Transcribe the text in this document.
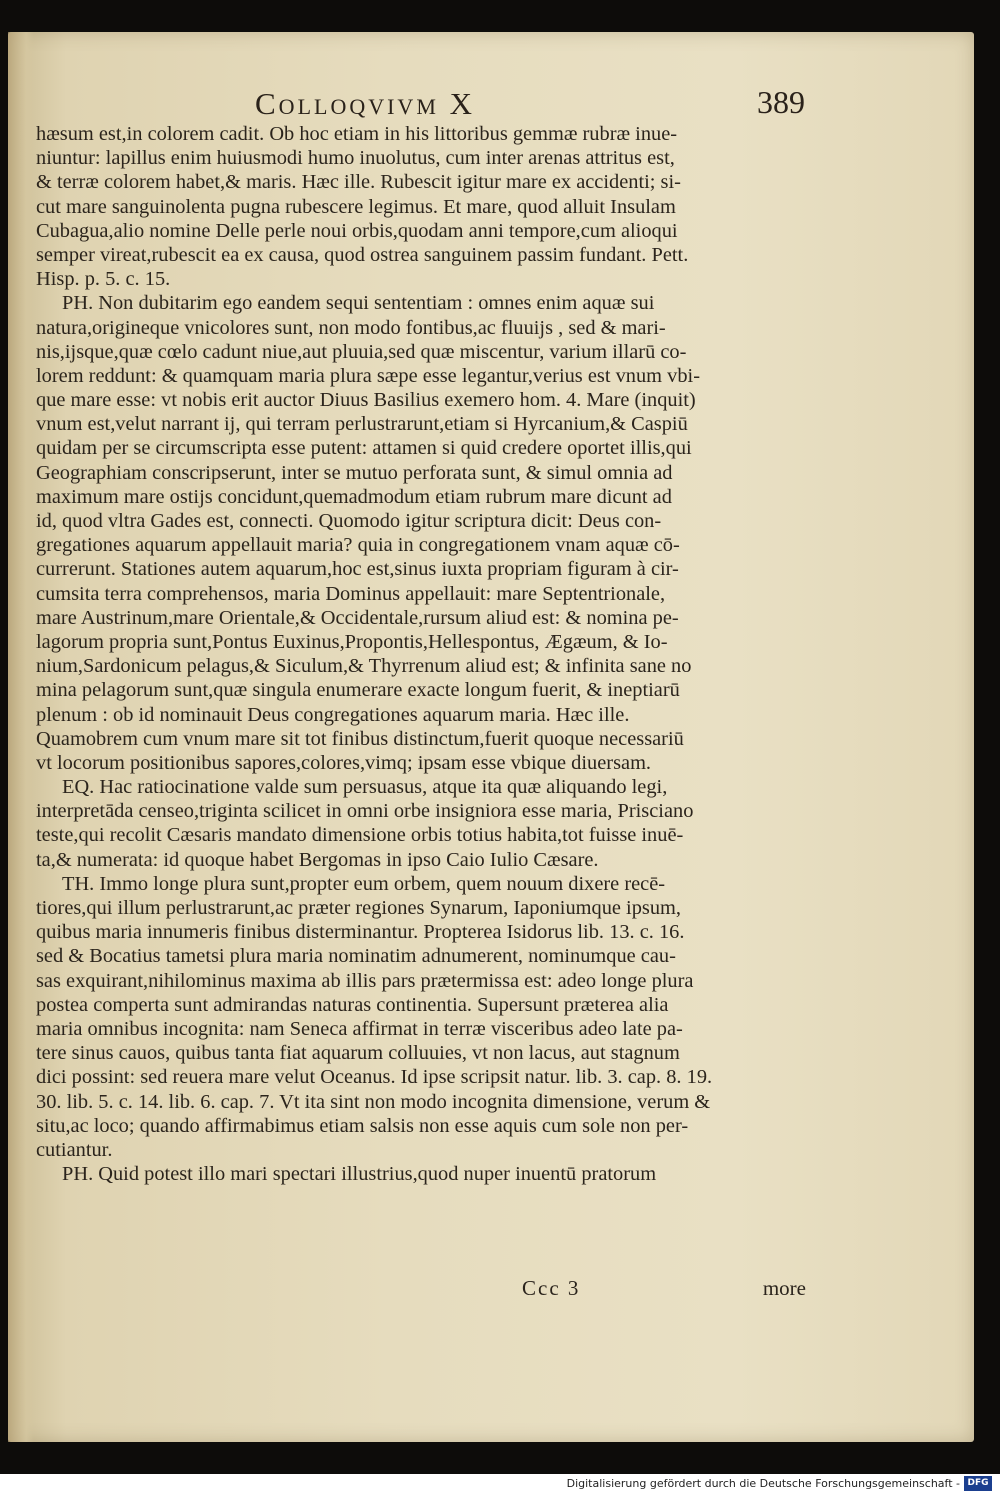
Colloqvivm X	389
hæsum est,in colorem cadit. Ob hoc etiam in his littoribus gemmæ rubræ inue-
niuntur: lapillus enim huiusmodi humo inuolutus, cum inter arenas attritus est,
& terræ colorem habet,& maris. Hæc ille. Rubescit igitur mare ex accidenti; si-
cut mare sanguinolenta pugna rubescere legimus. Et mare, quod alluit Insulam
Cubagua,alio nomine Delle perle noui orbis,quodam anni tempore,cum alioqui
semper vireat,rubescit ea ex causa, quod ostrea sanguinem passim fundant. Pett.
Hisp. p. 5. c. 15.
PH. Non dubitarim ego eandem sequi sententiam : omnes enim aquæ sui
natura,origineque vnicolores sunt, non modo fontibus,ac fluuijs , sed & mari-
nis,ijsque,quæ cœlo cadunt niue,aut pluuia,sed quæ miscentur, varium illarū co-
lorem reddunt: & quamquam maria plura sæpe esse legantur,verius est vnum vbi-
que mare esse: vt nobis erit auctor Diuus Basilius exemero hom. 4. Mare (inquit)
vnum est,velut narrant ij, qui terram perlustrarunt,etiam si Hyrcanium,& Caspiū
quidam per se circumscripta esse putent: attamen si quid credere oportet illis,qui
Geographiam conscripserunt, inter se mutuo perforata sunt, & simul omnia ad
maximum mare ostijs concidunt,quemadmodum etiam rubrum mare dicunt ad
id, quod vltra Gades est, connecti. Quomodo igitur scriptura dicit: Deus con-
gregationes aquarum appellauit maria? quia in congregationem vnam aquæ cō-
currerunt. Stationes autem aquarum,hoc est,sinus iuxta propriam figuram à cir-
cumsita terra comprehensos, maria Dominus appellauit: mare Septentrionale,
mare Austrinum,mare Orientale,& Occidentale,rursum aliud est: & nomina pe-
lagorum propria sunt,Pontus Euxinus,Propontis,Hellespontus, Ægæum, & Io-
nium,Sardonicum pelagus,& Siculum,& Thyrrenum aliud est; & infinita sane no
mina pelagorum sunt,quæ singula enumerare exacte longum fuerit, & ineptiarū
plenum : ob id nominauit Deus congregationes aquarum maria. Hæc ille.
Quamobrem cum vnum mare sit tot finibus distinctum,fuerit quoque necessariū
vt locorum positionibus sapores,colores,vimq; ipsam esse vbique diuersam.
EQ. Hac ratiocinatione valde sum persuasus, atque ita quæ aliquando legi,
interpretāda censeo,triginta scilicet in omni orbe insigniora esse maria, Prisciano
teste,qui recolit Cæsaris mandato dimensione orbis totius habita,tot fuisse inuē-
ta,& numerata: id quoque habet Bergomas in ipso Caio Iulio Cæsare.
TH. Immo longe plura sunt,propter eum orbem, quem nouum dixere recē-
tiores,qui illum perlustrarunt,ac præter regiones Synarum, Iaponiumque ipsum,
quibus maria innumeris finibus disterminantur. Propterea Isidorus lib. 13. c. 16.
sed & Bocatius tametsi plura maria nominatim adnumerent, nominumque cau-
sas exquirant,nihilominus maxima ab illis pars prætermissa est: adeo longe plura
postea comperta sunt admirandas naturas continentia. Supersunt præterea alia
maria omnibus incognita: nam Seneca affirmat in terræ visceribus adeo late pa-
tere sinus cauos, quibus tanta fiat aquarum colluuies, vt non lacus, aut stagnum
dici possint: sed reuera mare velut Oceanus. Id ipse scripsit natur. lib. 3. cap. 8. 19.
30. lib. 5. c. 14. lib. 6. cap. 7. Vt ita sint non modo incognita dimensione, verum &
situ,ac loco; quando affirmabimus etiam salsis non esse aquis cum sole non per-
cutiantur.
PH. Quid potest illo mari spectari illustrius,quod nuper inuentū pratorum
Ccc 3	more
Digitalisierung gefördert durch die Deutsche Forschungsgemeinschaft - DFG
